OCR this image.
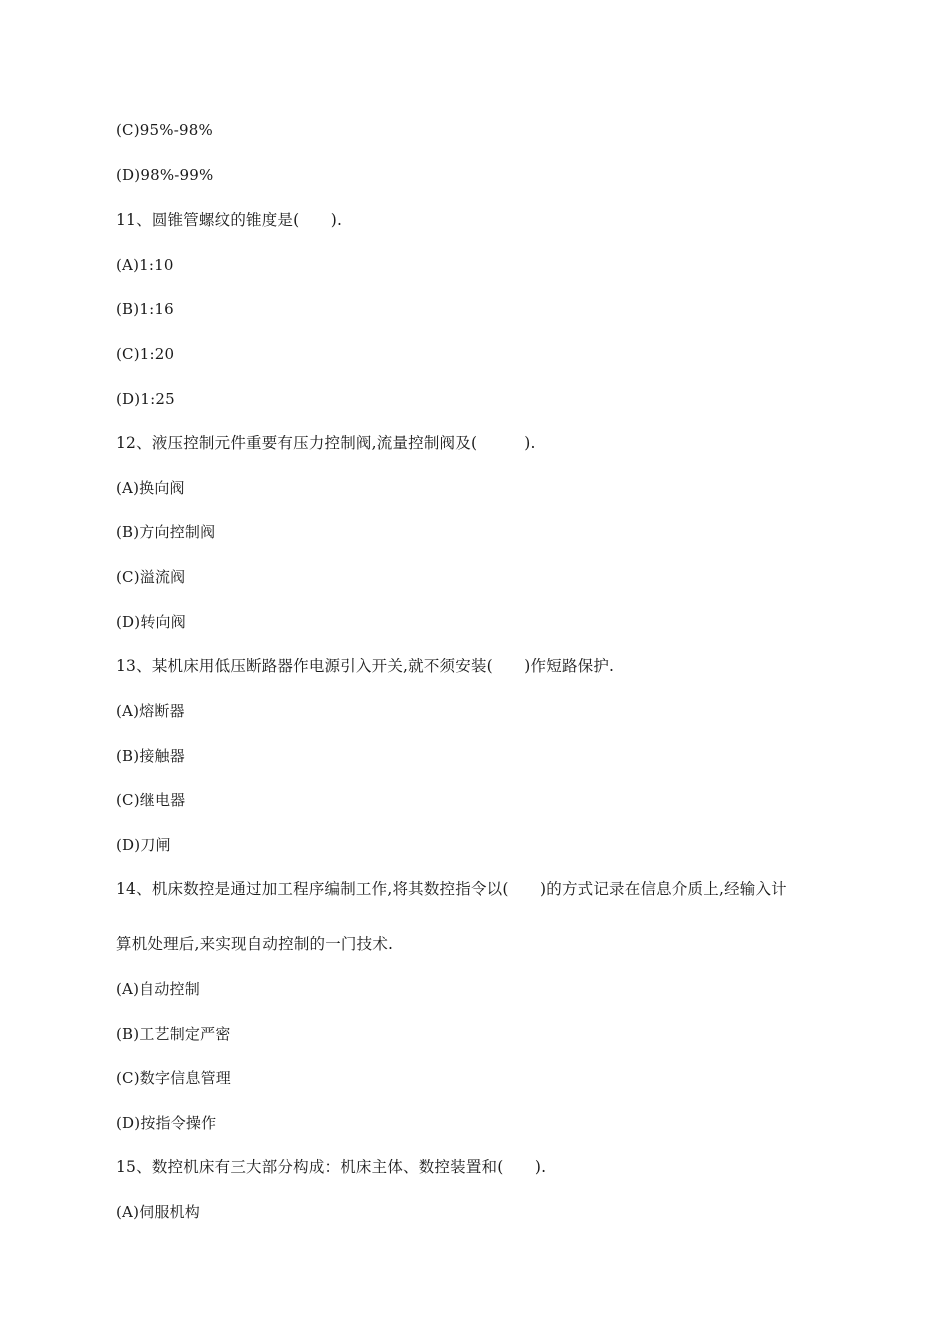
(C)95%-98%
(D)98%-99%
11、圆锥管螺纹的锥度是(　　).
(A)1:10
(B)1:16
(C)1:20
(D)1:25
12、液压控制元件重要有压力控制阀,流量控制阀及(　　　).
(A)换向阀
(B)方向控制阀
(C)溢流阀
(D)转向阀
13、某机床用低压断路器作电源引入开关,就不须安装(　　)作短路保护.
(A)熔断器
(B)接触器
(C)继电器
(D)刀闸
14、机床数控是通过加工程序编制工作,将其数控指令以(　　)的方式记录在信息介质上,经输入计
算机处理后,来实现自动控制的一门技术.
(A)自动控制
(B)工艺制定严密
(C)数字信息管理
(D)按指令操作
15、数控机床有三大部分构成：机床主体、数控装置和(　　).
(A)伺服机构
